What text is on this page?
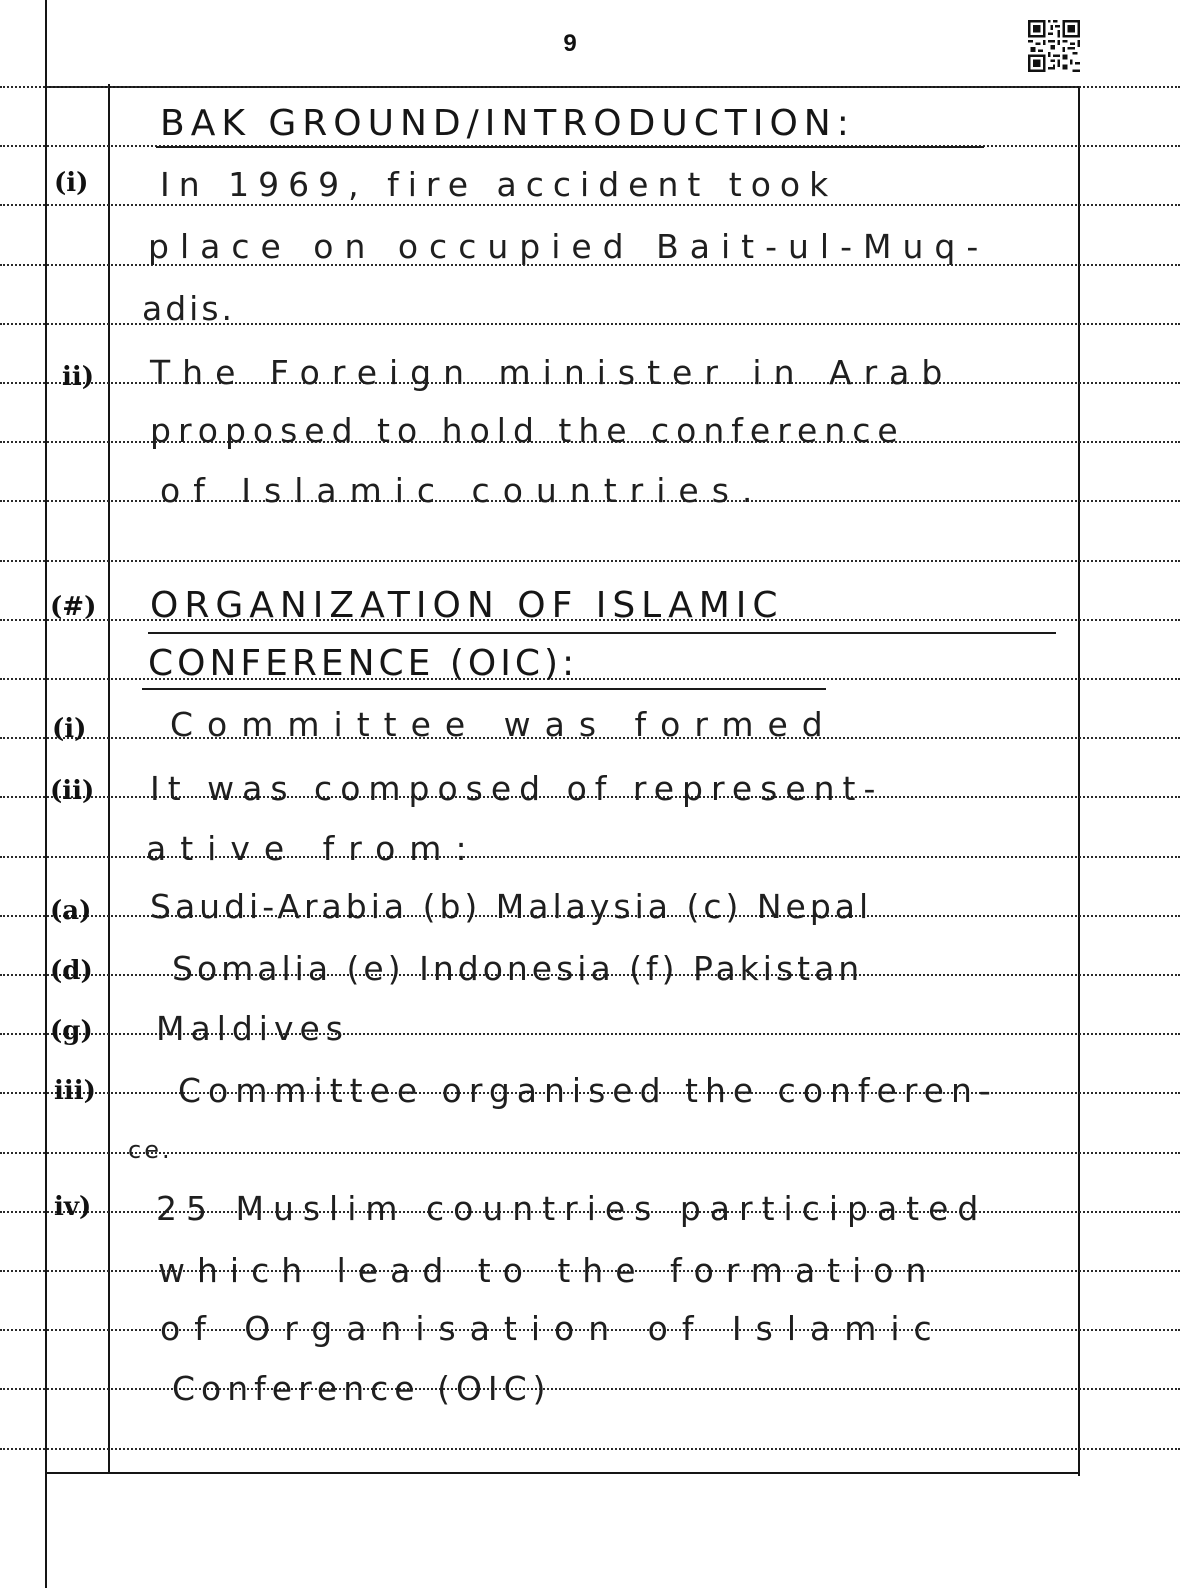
9
BAK GROUND/INTRODUCTION:
(i) In 1969, fire accident took
place on occupied Bait-ul-Muq-
adis.
ii) The Foreign minister in Arab
proposed to hold the conference
of Islamic countries.
(#) ORGANIZATION OF ISLAMIC
CONFERENCE (OIC):
(i)	Committee was formed
(ii) It was composed of represent-
ative from:
(a) Saudi-Arabia (b) Malaysia (c) Nepal
(d) Somalia (e) Indonesia (f) Pakistan
(g) Maldives
iii) Committee organised the conferen-
ce.
iv) 25 Muslim countries participated
which lead to the formation
of Organisation of Islamic
Conference (OIC)
